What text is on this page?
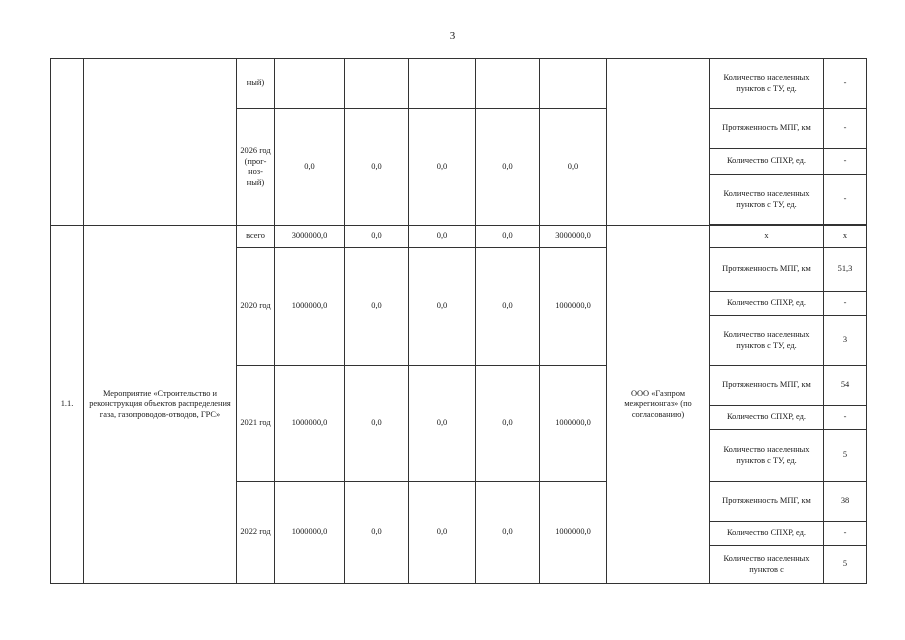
3
		ный)							Количество населенных пунктов с ТУ, ед.	-
		2026 год (прог-ноз-ный)	0,0	0,0	0,0	0,0	0,0		Протяженность МПГ, км	-
									Количество СПХР, ед.	-
									Количество населенных пунктов с ТУ, ед.	-

1.1.	Мероприятие «Строительство и реконструкция объектов распределения газа, газопроводов-отводов, ГРС»	всего	3000000,0	0,0	0,0	0,0	3000000,0	ООО «Газпром межрегионгаз» (по согласованию)	х	х
		2020 год	1000000,0	0,0	0,0	0,0	1000000,0		Протяженность МПГ, км	51,3
									Количество СПХР, ед.	-
									Количество населенных пунктов с ТУ, ед.	3
		2021 год	1000000,0	0,0	0,0	0,0	1000000,0		Протяженность МПГ, км	54
									Количество СПХР, ед.	-
									Количество населенных пунктов с ТУ, ед.	5
		2022 год	1000000,0	0,0	0,0	0,0	1000000,0		Протяженность МПГ, км	38
									Количество СПХР, ед.	-
									Количество населенных пунктов с	5
